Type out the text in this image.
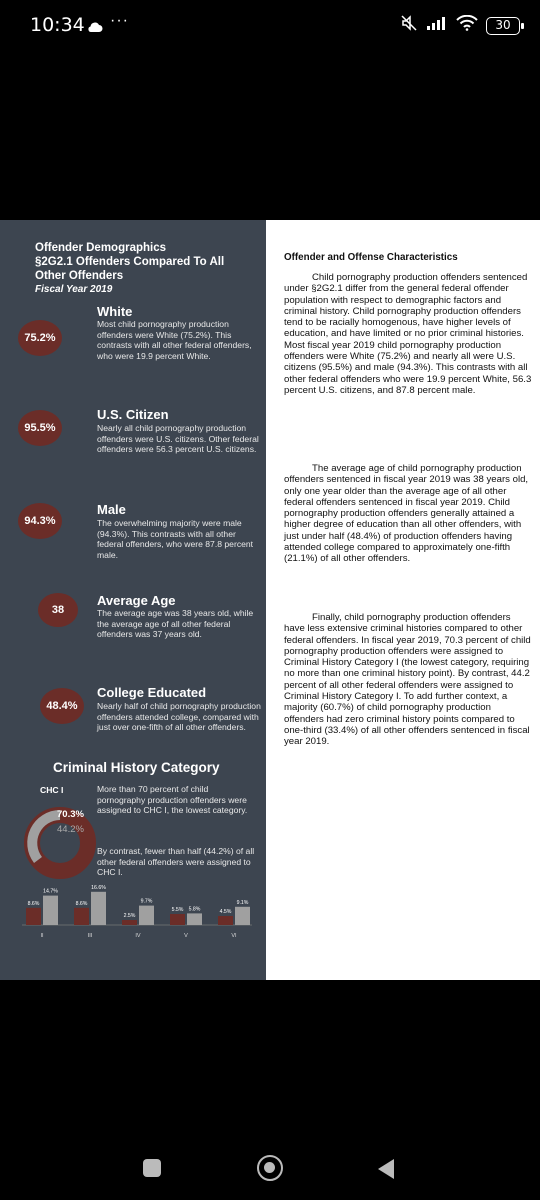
10:34 ···	30
Offender Demographics
§2G2.1 Offenders Compared To All
Other Offenders
Fiscal Year 2019
75.2%
White
Most child pornography production offenders were White (75.2%). This contrasts with all other federal offenders, who were 19.9 percent White.
95.5%
U.S. Citizen
Nearly all child pornography production offenders were U.S. citizens. Other federal offenders were 56.3 percent U.S. citizens.
94.3%
Male
The overwhelming majority were male (94.3%). This contrasts with all other federal offenders, who were 87.8 percent male.
38
Average Age
The average age was 38 years old, while the average age of all other federal offenders was 37 years old.
48.4%
College Educated
Nearly half of child pornography production offenders attended college, compared with just over one-fifth of all other offenders.
Criminal History Category
CHC I
70.3%
44.2%
More than 70 percent of child pornography production offenders were assigned to CHC I, the lowest category.
By contrast, fewer than half (44.2%) of all other federal offenders were assigned to CHC I.
8.6%
14.7%
II
8.6%
16.6%
III
2.5%
9.7%
IV
5.5% 5.8%
V
4.5%
9.1%
VI
Offender and Offense Characteristics
Child pornography production offenders sentenced under §2G2.1 differ from the general federal offender population with respect to demographic factors and criminal history. Child pornography production offenders tend to be racially homogenous, have higher levels of education, and have limited or no prior criminal histories. Most fiscal year 2019 child pornography production offenders were White (75.2%) and nearly all were U.S. citizens (95.5%) and male (94.3%). This contrasts with all other federal offenders who were 19.9 percent White, 56.3 percent U.S. citizens, and 87.8 percent male.
The average age of child pornography production offenders sentenced in fiscal year 2019 was 38 years old, only one year older than the average age of all other federal offenders sentenced in fiscal year 2019. Child pornography production offenders generally attained a higher degree of education than all other offenders, with just under half (48.4%) of production offenders having attended college compared to approximately one-fifth (21.1%) of all other offenders.
Finally, child pornography production offenders have less extensive criminal histories compared to other federal offenders. In fiscal year 2019, 70.3 percent of child pornography production offenders were assigned to Criminal History Category I (the lowest category, requiring no more than one criminal history point). By contrast, 44.2 percent of all other federal offenders were assigned to Criminal History Category I. To add further context, a majority (60.7%) of child pornography production offenders had zero criminal history points compared to one-third (33.4%) of all other offenders sentenced in fiscal year 2019.
